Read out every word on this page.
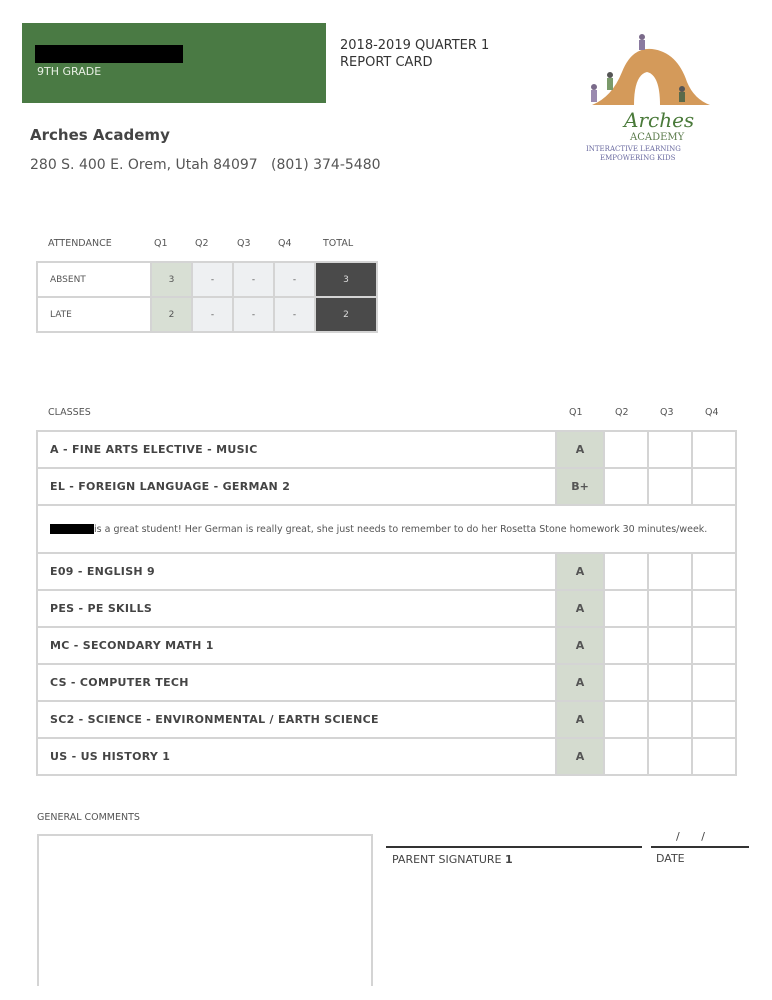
9TH GRADE
2018-2019 QUARTER 1
REPORT CARD
Arches Academy
280 S. 400 E. Orem, Utah 84097   (801) 374-5480
Arches
ACADEMY
INTERACTIVE LEARNING
EMPOWERING KIDS
ATTENDANCE	Q1	Q2	Q3	Q4	TOTAL
ABSENT	3	-	-	-	3
LATE	2	-	-	-	2
CLASSES	Q1	Q2	Q3	Q4
A - FINE ARTS ELECTIVE - MUSIC	A			
EL - FOREIGN LANGUAGE - GERMAN 2	B+			
is a great student! Her German is really great, she just needs to remember to do her Rosetta Stone homework 30 minutes/week.				
E09 - ENGLISH 9	A			
PES - PE SKILLS	A			
MC - SECONDARY MATH 1	A			
CS - COMPUTER TECH	A			
SC2 - SCIENCE - ENVIRONMENTAL / EARTH SCIENCE	A			
US - US HISTORY 1	A			
GENERAL COMMENTS
/ /
PARENT SIGNATURE 1	DATE
